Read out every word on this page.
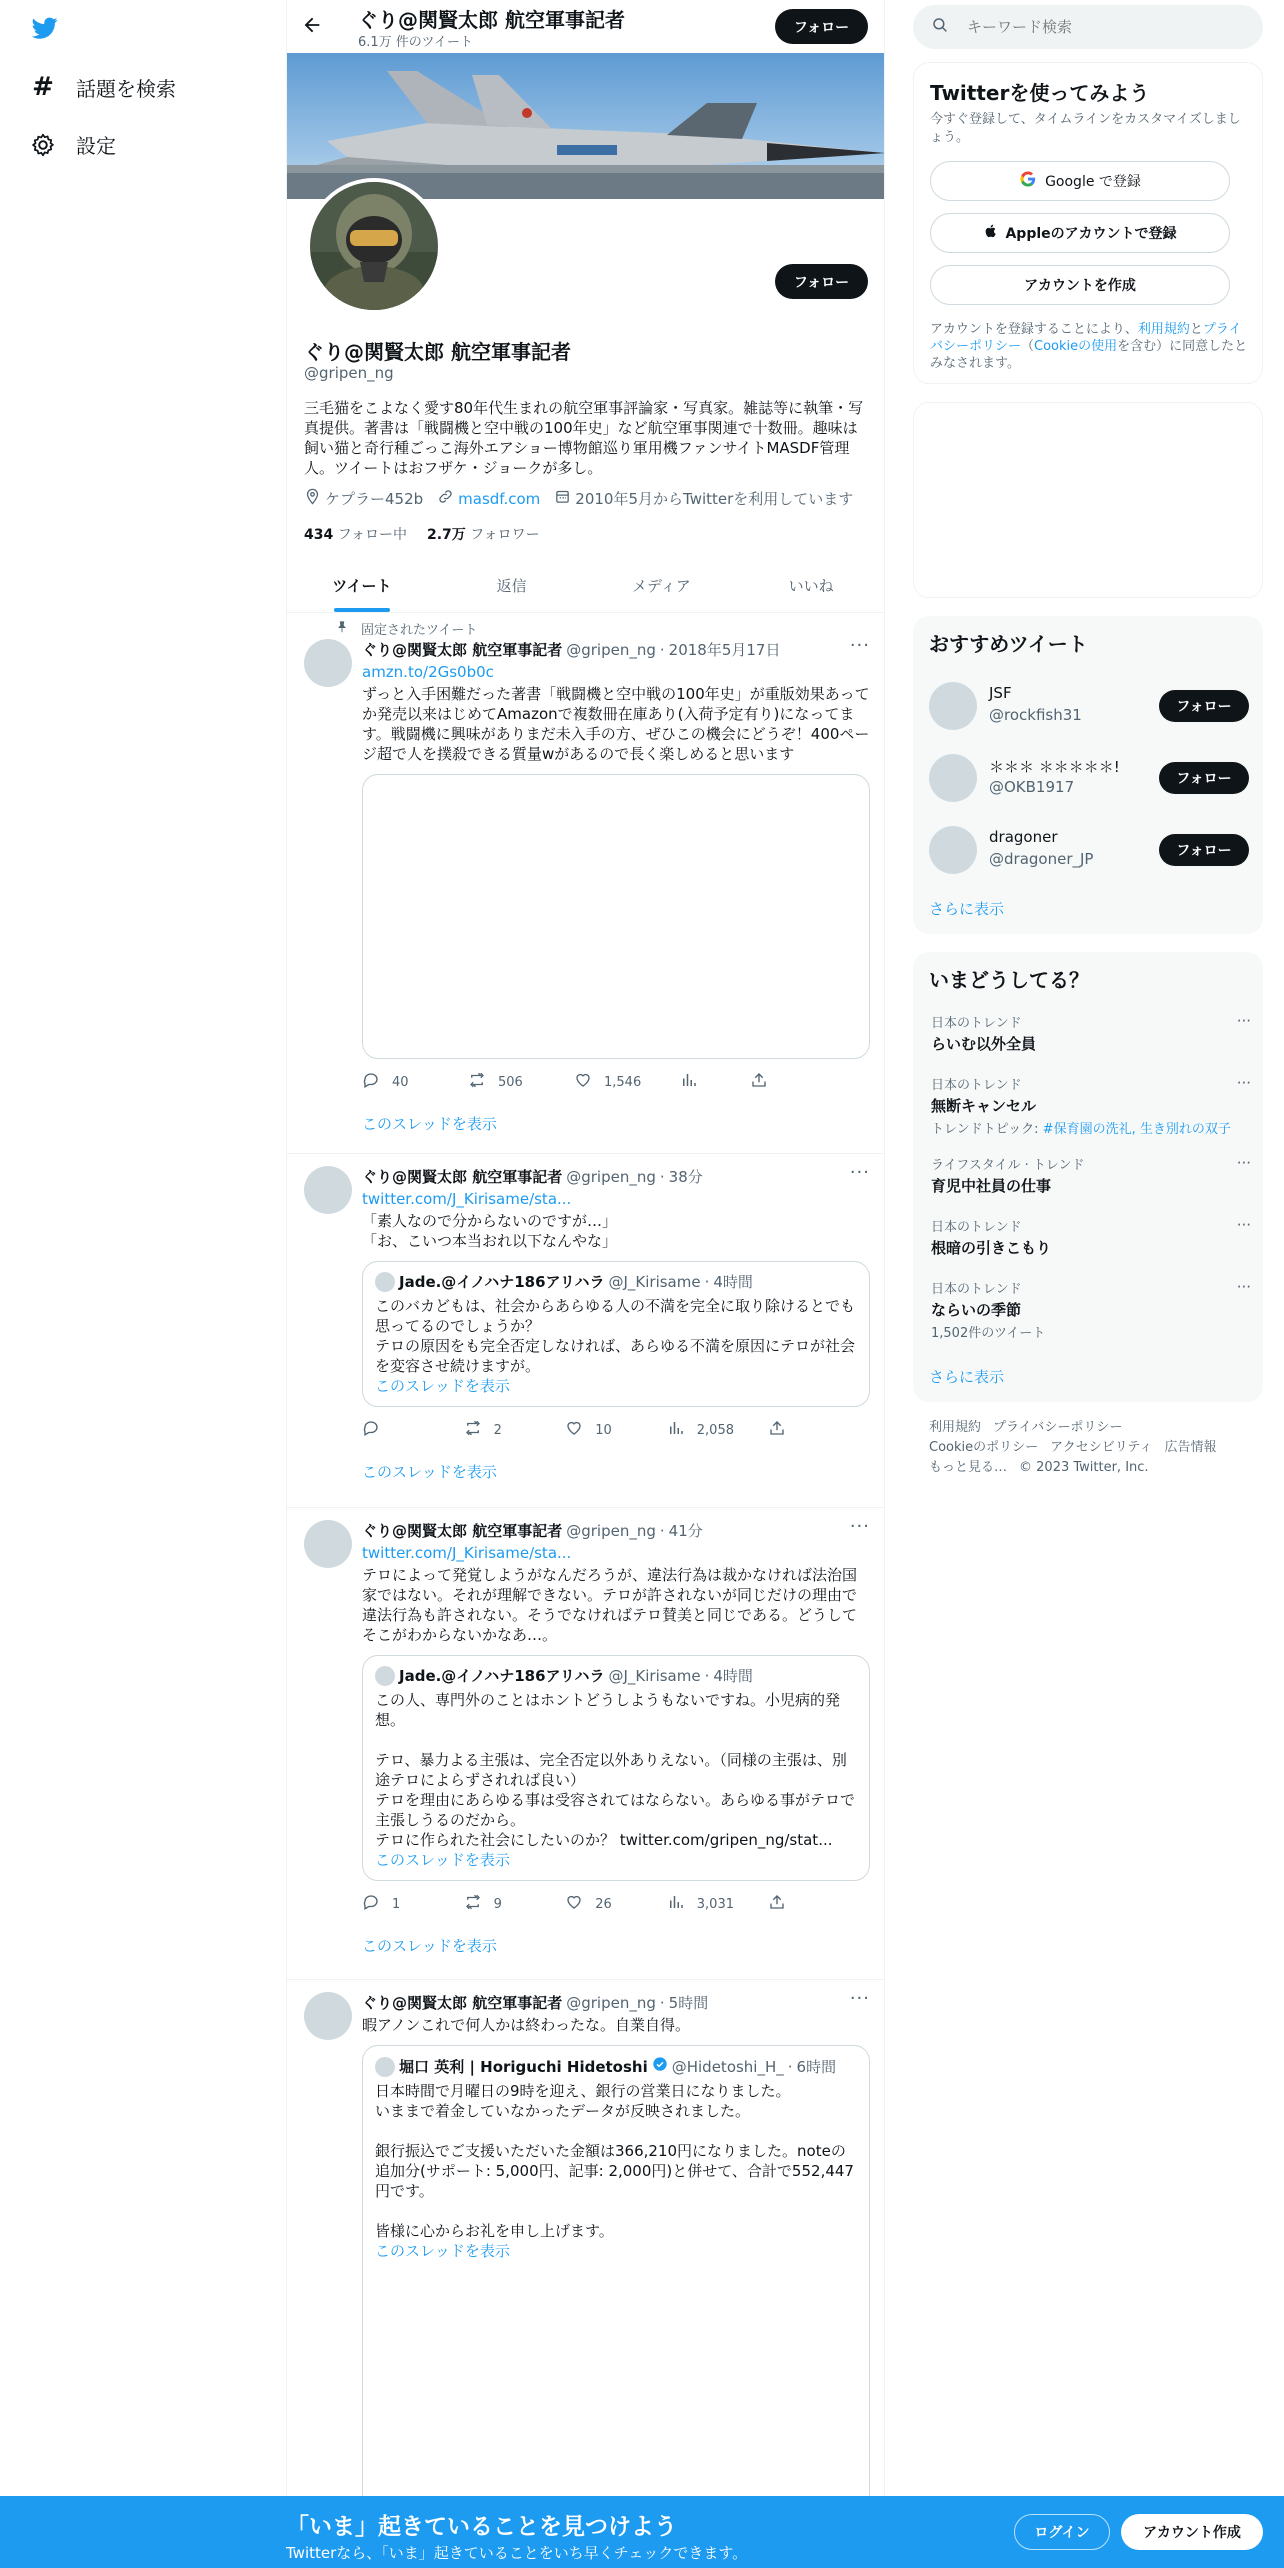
# 話題を検索
設定
ぐり@関賢太郎 航空軍事記者
6.1万 件のツイート
フォロー
フォロー
ぐり@関賢太郎 航空軍事記者
@gripen_ng
三毛猫をこよなく愛す80年代生まれの航空軍事評論家・写真家。雑誌等に執筆・写真提供。著書は「戦闘機と空中戦の100年史」など航空軍事関連で十数冊。趣味は飼い猫と奇行種ごっこ海外エアショー博物館巡り軍用機ファンサイトMASDF管理人。ツイートはおフザケ・ジョークが多し。
ケプラー452b masdf.com 2010年5月からTwitterを利用しています
434 フォロー中 2.7万 フォロワー
ツイート	返信	メディア	いいね
固定されたツイート
···
ぐり@関賢太郎 航空軍事記者 @gripen_ng · 2018年5月17日
amzn.to/2Gs0b0c
ずっと入手困難だった著書「戦闘機と空中戦の100年史」が重版効果あってか発売以来はじめてAmazonで複数冊在庫あり(入荷予定有り)になってます。戦闘機に興味がありまだ未入手の方、ぜひこの機会にどうぞ！400ページ超で人を撲殺できる質量wがあるので長く楽しめると思います
40	506	1,546
このスレッドを表示
···
ぐり@関賢太郎 航空軍事記者 @gripen_ng · 38分
twitter.com/J_Kirisame/sta...
「素人なので分からないのですが…」
「お、こいつ本当おれ以下なんやな」
Jade.@イノハナ186アリハラ @J_Kirisame · 4時間
このバカどもは、社会からあらゆる人の不満を完全に取り除けるとでも思ってるのでしょうか？
テロの原因をも完全否定しなければ、あらゆる不満を原因にテロが社会を変容させ続けますが。
このスレッドを表示
2	10	2,058
このスレッドを表示
···
ぐり@関賢太郎 航空軍事記者 @gripen_ng · 41分
twitter.com/J_Kirisame/sta...
テロによって発覚しようがなんだろうが、違法行為は裁かなければ法治国家ではない。それが理解できない。テロが許されないが同じだけの理由で違法行為も許されない。そうでなければテロ賛美と同じである。どうしてそこがわからないかなあ…。
Jade.@イノハナ186アリハラ @J_Kirisame · 4時間
この人、専門外のことはホントどうしようもないですね。小児病的発想。

テロ、暴力よる主張は、完全否定以外ありえない。（同様の主張は、別途テロによらずされれば良い）
テロを理由にあらゆる事は受容されてはならない。あらゆる事がテロで主張しうるのだから。
テロに作られた社会にしたいのか？ twitter.com/gripen_ng/stat...
このスレッドを表示
1	9	26	3,031
このスレッドを表示
···
ぐり@関賢太郎 航空軍事記者 @gripen_ng · 5時間
暇アノンこれで何人かは終わったな。自業自得。
堀口 英利 | Horiguchi Hidetoshi @Hidetoshi_H_ · 6時間
日本時間で月曜日の9時を迎え、銀行の営業日になりました。
いままで着金していなかったデータが反映されました。

銀行振込でご支援いただいた金額は366,210円になりました。noteの追加分(サポート: 5,000円、記事: 2,000円)と併せて、合計で552,447円です。

皆様に心からお礼を申し上げます。
このスレッドを表示
キーワード検索
Twitterを使ってみよう
今すぐ登録して、タイムラインをカスタマイズしましょう。
Google で登録
Appleのアカウントで登録
アカウントを作成
アカウントを登録することにより、利用規約とプライバシーポリシー（Cookieの使用を含む）に同意したとみなされます。
おすすめツイート
JSF
@rockfish31	フォロー
＊＊＊ ＊＊＊＊＊!
@OKB1917	フォロー
dragoner
@dragoner_JP	フォロー
さらに表示
いまどうしてる？
日本のトレンド
らいむ以外全員
···
日本のトレンド
無断キャンセル
トレンドトピック: #保育園の洗礼, 生き別れの双子
···
ライフスタイル · トレンド
育児中社員の仕事
···
日本のトレンド
根暗の引きこもり
···
日本のトレンド
ならいの季節
1,502件のツイート
···
さらに表示
利用規約 プライバシーポリシー
Cookieのポリシー アクセシビリティ 広告情報
もっと見る… © 2023 Twitter, Inc.
「いま」起きていることを見つけよう
Twitterなら、「いま」起きていることをいち早くチェックできます。
ログイン	アカウント作成
